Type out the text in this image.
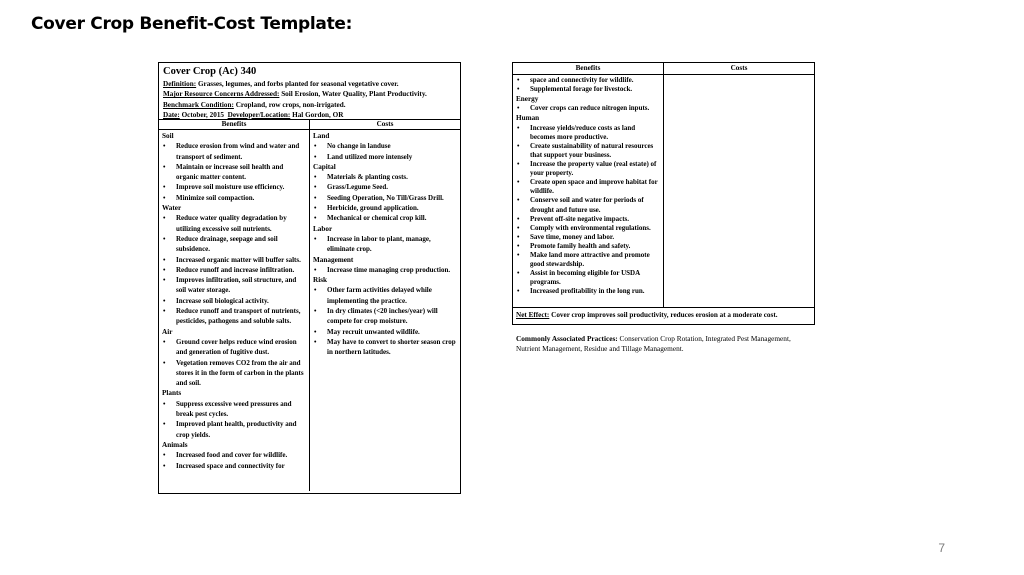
Cover Crop Benefit-Cost Template:
Cover Crop (Ac) 340
Definition: Grasses, legumes, and forbs planted for seasonal vegetative cover.
Major Resource Concerns Addressed: Soil Erosion, Water Quality, Plant Productivity.
Benchmark Condition: Cropland, row crops, non-irrigated.
Date: October, 2015  Developer/Location: Hal Gordon, OR
Benefits	Costs
Soil
• Reduce erosion from wind and water and transport of sediment.
• Maintain or increase soil health and organic matter content.
• Improve soil moisture use efficiency.
• Minimize soil compaction.
Water
• Reduce water quality degradation by utilizing excessive soil nutrients.
• Reduce drainage, seepage and soil subsidence.
• Increased organic matter will buffer salts.
• Reduce runoff and increase infiltration.
• Improves infiltration, soil structure, and soil water storage.
• Increase soil biological activity.
• Reduce runoff and transport of nutrients, pesticides, pathogens and soluble salts.
Air
• Ground cover helps reduce wind erosion and generation of fugitive dust.
• Vegetation removes CO2 from the air and stores it in the form of carbon in the plants and soil.
Plants
• Suppress excessive weed pressures and break pest cycles.
• Improved plant health, productivity and crop yields.
Animals
• Increased food and cover for wildlife.
• Increased space and connectivity for
Land
• No change in landuse
• Land utilized more intensely
Capital
• Materials & planting costs.
• Grass/Legume Seed.
• Seeding Operation, No Till/Grass Drill.
• Herbicide, ground application.
• Mechanical or chemical crop kill.
Labor
• Increase in labor to plant, manage, eliminate crop.
Management
• Increase time managing crop production.
Risk
• Other farm activities delayed while implementing the practice.
• In dry climates (<20 inches/year) will compete for crop moisture.
• May recruit unwanted wildlife.
• May have to convert to shorter season crop in northern latitudes.
Benefits	Costs
• space and connectivity for wildlife.
• Supplemental forage for livestock.
Energy
• Cover crops can reduce nitrogen inputs.
Human
• Increase yields/reduce costs as land becomes more productive.
• Create sustainability of natural resources that support your business.
• Increase the property value (real estate) of your property.
• Create open space and improve habitat for wildlife.
• Conserve soil and water for periods of drought and future use.
• Prevent off-site negative impacts.
• Comply with environmental regulations.
• Save time, money and labor.
• Promote family health and safety.
• Make land more attractive and promote good stewardship.
• Assist in becoming eligible for USDA programs.
• Increased profitability in the long run.
Net Effect: Cover crop improves soil productivity, reduces erosion at a moderate cost.
Commonly Associated Practices: Conservation Crop Rotation, Integrated Pest Management, Nutrient Management, Residue and Tillage Management.
7
